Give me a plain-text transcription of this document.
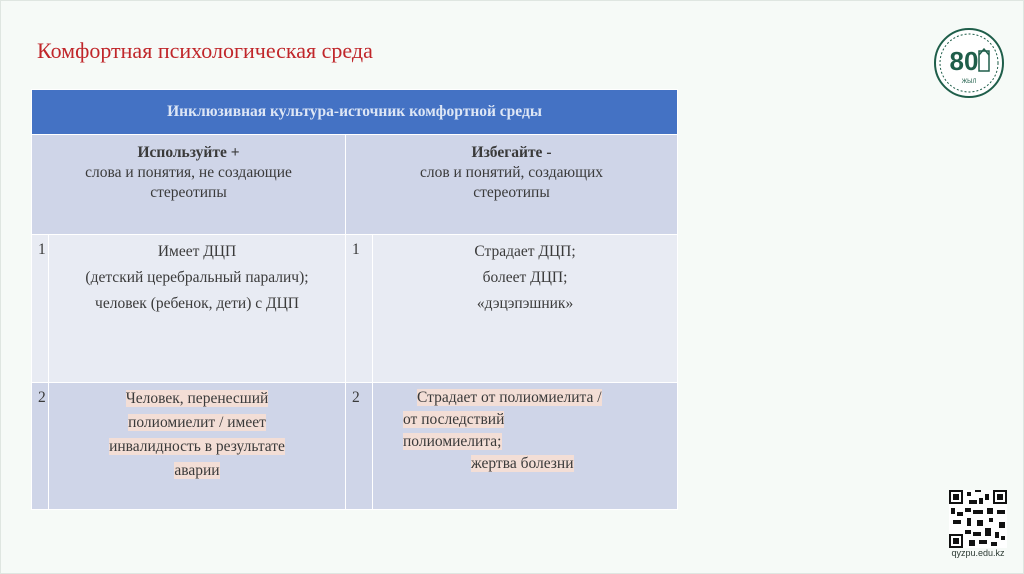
Комфортная психологическая среда	80
ЖЫЛ
Инклюзивная культура-источник комфортной среды			

Используйте +
слова и понятия, не создающие
стереотипы		Избегайте -
слов и понятий, создающих
стереотипы	

1	Имеет ДЦП
(детский церебральный паралич);
человек (ребенок, дети) с ДЦП	1	Страдает ДЦП;
болеет ДЦП;
«дэцэпэшник»

2	Человек, перенесший
полиомиелит / имеет
инвалидность в результате
аварии	2	Страдает от полиомиелита /
от последствий
полиомиелита;
жертва болезни
qyzpu.edu.kz
